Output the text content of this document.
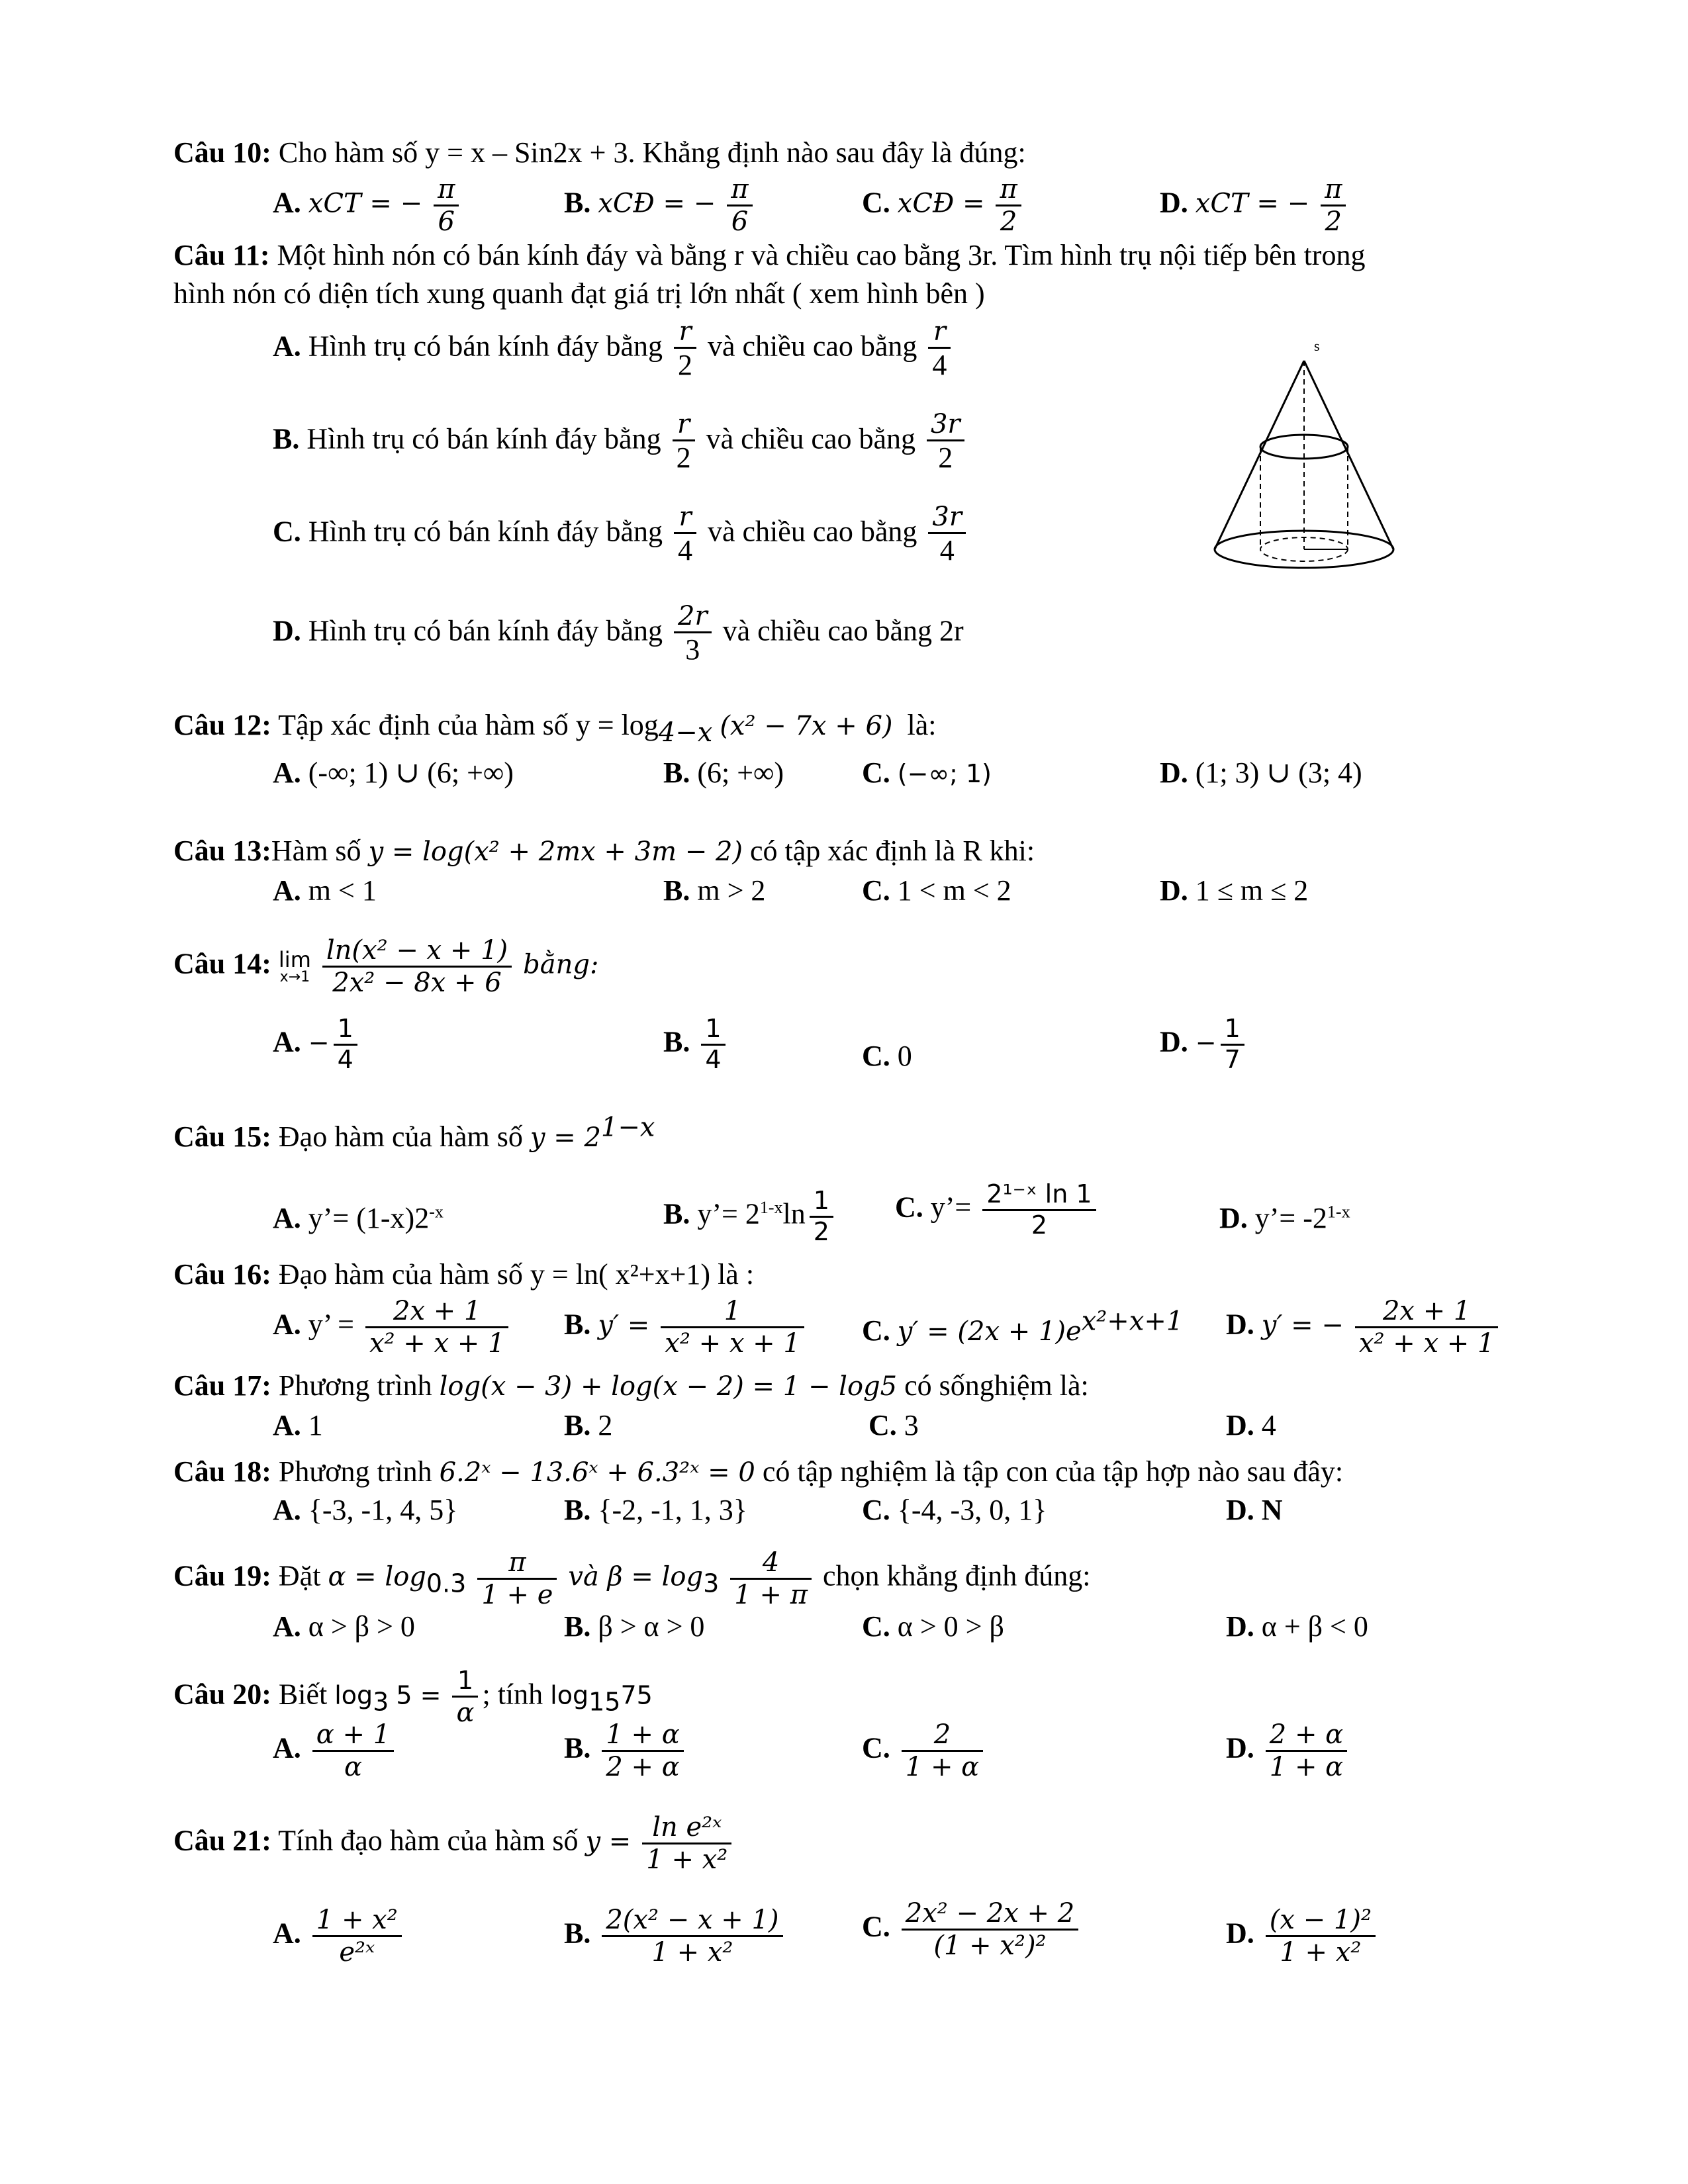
Câu 10: Cho hàm số y = x – Sin2x + 3. Khẳng định nào sau đây là đúng:
A. xCT = − $\frac{\pi}{6}$	B. xCĐ = − $\frac{\pi}{6}$	C. xCĐ = $\frac{\pi}{2}$	D. xCT = − $\frac{\pi}{2}$
Câu 11: Một hình nón có bán kính đáy và bằng r và chiều cao bằng 3r. Tìm hình trụ nội tiếp bên trong
hình nón có diện tích xung quanh đạt giá trị lớn nhất ( xem hình bên )
A. Hình trụ có bán kính đáy bằng $\frac{r}{2}$ và chiều cao bằng $\frac{r}{4}$
B. Hình trụ có bán kính đáy bằng $\frac{r}{2}$ và chiều cao bằng $\frac{3r}{2}$
C. Hình trụ có bán kính đáy bằng $\frac{r}{4}$ và chiều cao bằng $\frac{3r}{4}$
D. Hình trụ có bán kính đáy bằng $\frac{2r}{3}$ và chiều cao bằng 2r
s
Câu 12: Tập xác định của hàm số $y = \log_{4-x} (x^2 - 7x + 6)$ là:
A. (-∞; 1) ∪ (6; +∞)	B. (6; +∞)	C. (−∞; 1)	D. (1; 3) ∪ (3; 4)
Câu 13:Hàm số y = log(x² + 2mx + 3m − 2) có tập xác định là R khi:
A. m < 1	B. m > 2	C. 1 < m < 2	D. 1 ≤ m ≤ 2
Câu 14: lim
x→1
$\frac{\text{ln(x² − x + 1)}}{\text{2x² − 8x + 6}}$ bằng:
A. − $\frac{1}{4}$	B. $\frac{1}{4}$	C. 0	D. − $\frac{1}{7}$
Câu 15: Đạo hàm của hàm số $y = 2^{1-x}$
A. y’= $(1-x)2^{-x}$	B. y’= $2^{1-x}\ln \frac{1}{2} C$. y’= $\frac{\text{2¹⁻ˣ ln 1}}{2}$	D. y’= $-2^{1-x}$
Câu 16: Đạo hàm của hàm số y = ln( x²+x+1) là :
A. y’ = $\frac{2x + 1}{\text{x² + x + 1}} B$. $y' = \frac{1}{\text{x² + x + 1}} C$. $y' = (2x + 1)e^{x^2+x+1}$ D. y′ = − $\frac{2x + 1}{\text{x² + x + 1}}$
Câu 17: Phương trình log(x − 3) + log(x − 2) = 1 − log5 có sốnghiệm là:
A. 1	B. 2	C. 3	D. 4
Câu 18: Phương trình 6.2ˣ − 13.6ˣ + 6.3²ˣ = 0 có tập nghiệm là tập con của tập hợp nào sau đây:
A. {-3, -1, 4, 5}	B. {-2, -1, 1, 3}	C. {-4, -3, 0, 1}	D. N
Câu 19: Đặt $\alpha = \log_{0.3} \frac{\pi}{1 + e}$ và $\beta = \log_3 \frac{4}{1 + \pi}$ chọn khẳng định đúng:
A. α > β > 0	B. β > α > 0	C. α > 0 > β	D. α + β < 0
Câu 20: Biết $\log_3 5 = \frac{1}{\alpha}$ ; tính $\log_{15}75$
A. $\frac{\alpha + 1}{\alpha}$	B. $\frac{1 + \alpha}{2 + \alpha}$	C. $\frac{2}{1 + \alpha}$	D. $\frac{2 + \alpha}{1 + \alpha}$
Câu 21: Tính đạo hàm của hàm số $y = \frac{\text{ln e²ˣ}}{\text{1 + x²}}$
A. $\frac{\text{1 + x²}}{\text{e²ˣ}}$	B. $\frac{\text{2(x² − x + 1)}}{\text{1 + x²}}$	C. $\frac{\text{2x² − 2x + 2}}{\text{(1 + x²)²}}$	D. $\frac{\text{(x − 1)²}}{\text{1 + x²}}$
